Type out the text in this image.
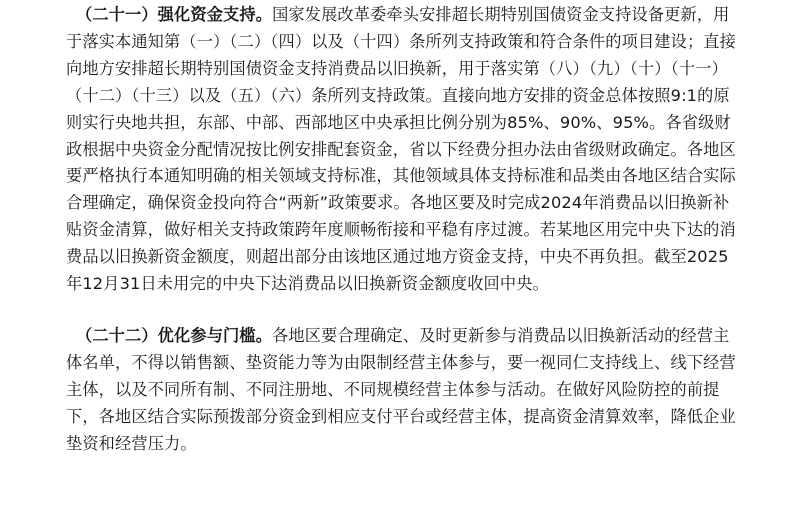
（二十一）强化资金支持。国家发展改革委牵头安排超长期特别国债资金支持设备更新，用于落实本通知第（一）（二）（四）以及（十四）条所列支持政策和符合条件的项目建设；直接向地方安排超长期特别国债资金支持消费品以旧换新，用于落实第（八）（九）（十）（十一）（十二）（十三）以及（五）（六）条所列支持政策。直接向地方安排的资金总体按照9:1的原则实行央地共担，东部、中部、西部地区中央承担比例分别为85%、90%、95%。各省级财政根据中央资金分配情况按比例安排配套资金，省以下经费分担办法由省级财政确定。各地区要严格执行本通知明确的相关领域支持标准，其他领域具体支持标准和品类由各地区结合实际合理确定，确保资金投向符合“两新”政策要求。各地区要及时完成2024年消费品以旧换新补贴资金清算，做好相关支持政策跨年度顺畅衔接和平稳有序过渡。若某地区用完中央下达的消费品以旧换新资金额度，则超出部分由该地区通过地方资金支持，中央不再负担。截至2025年12月31日未用完的中央下达消费品以旧换新资金额度收回中央。

（二十二）优化参与门槛。各地区要合理确定、及时更新参与消费品以旧换新活动的经营主体名单，不得以销售额、垫资能力等为由限制经营主体参与，要一视同仁支持线上、线下经营主体，以及不同所有制、不同注册地、不同规模经营主体参与活动。在做好风险防控的前提下，各地区结合实际预拨部分资金到相应支付平台或经营主体，提高资金清算效率，降低企业垫资和经营压力。
